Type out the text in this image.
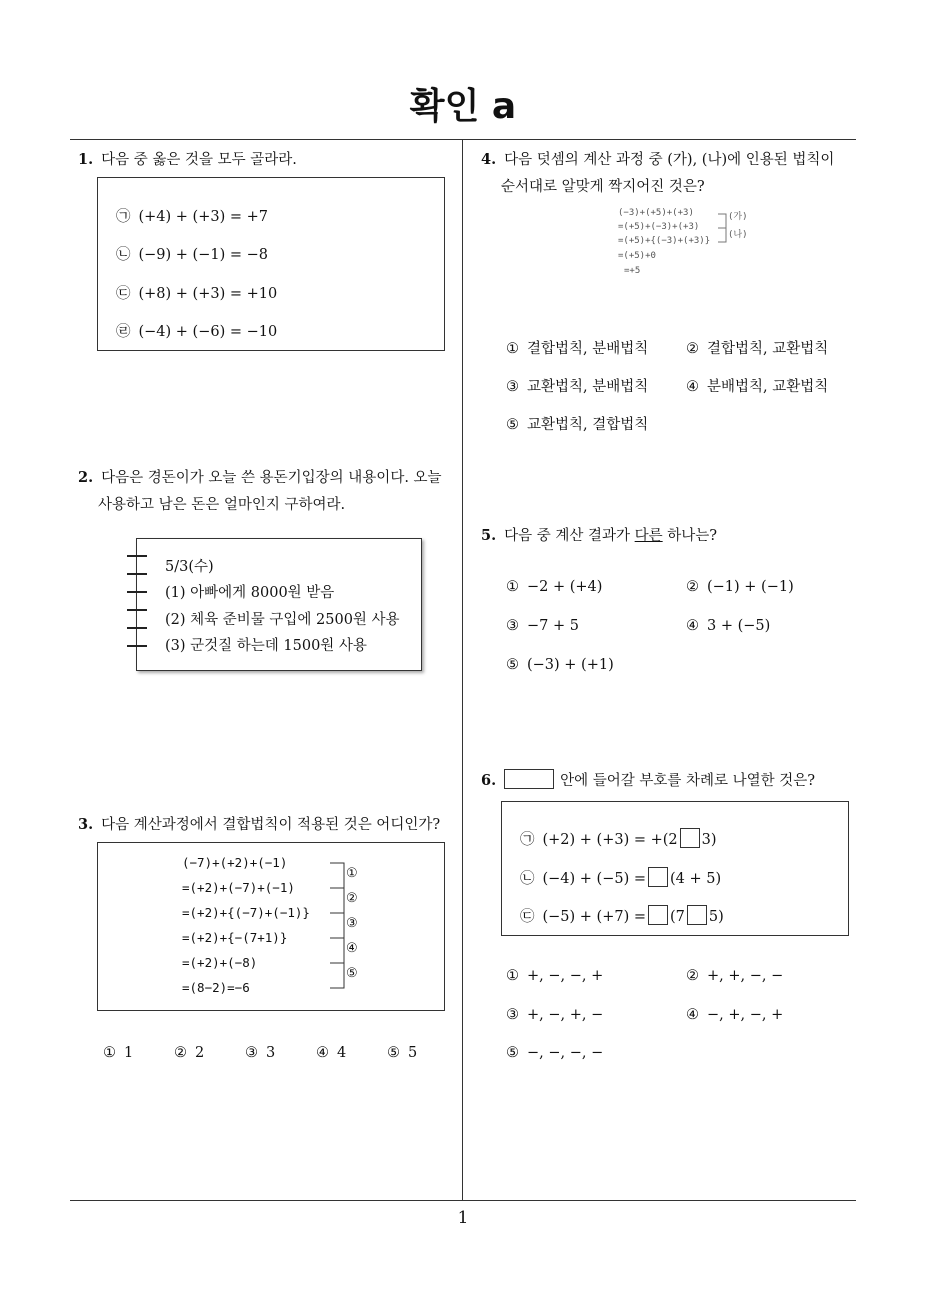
확인 a
1
1. 다음 중 옳은 것을 모두 골라라.
㉠ (+4) + (+3) = +7
㉡ (−9) + (−1) = −8
㉢ (+8) + (+3) = +10
㉣ (−4) + (−6) = −10
2. 다음은 경돈이가 오늘 쓴 용돈기입장의 내용이다. 오늘
사용하고 남은 돈은 얼마인지 구하여라.
5/3(수)
(1) 아빠에게 8000원 받음
(2) 체육 준비물 구입에 2500원 사용
(3) 군것질 하는데 1500원 사용
3. 다음 계산과정에서 결합법칙이 적용된 것은 어디인가?
(−7)+(+2)+(−1)
=(+2)+(−7)+(−1)
=(+2)+{(−7)+(−1)}
=(+2)+{−(7+1)}
=(+2)+(−8)
=(8−2)=−6
①
②
③
④
⑤
① 1	② 2	③ 3	④ 4	⑤ 5
4. 다음 덧셈의 계산 과정 중 (가), (나)에 인용된 법칙이
순서대로 알맞게 짝지어진 것은?
(−3)+(+5)+(+3)
=(+5)+(−3)+(+3)
=(+5)+{(−3)+(+3)}
=(+5)+0
=+5
(가)
(나)
① 결합법칙, 분배법칙	② 결합법칙, 교환법칙
③ 교환법칙, 분배법칙	④ 분배법칙, 교환법칙
⑤ 교환법칙, 결합법칙
5. 다음 중 계산 결과가 다른 하나는?
① −2 + (+4)	② (−1) + (−1)
③ −7 + 5	④ 3 + (−5)
⑤ (−3) + (+1)
6.	안에 들어갈 부호를 차례로 나열한 것은?
㉠ (+2) + (+3) = +(2 3)
㉡ (−4) + (−5) = (4 + 5)
㉢ (−5) + (+7) = (7 5)
① +, −, −, +	② +, +, −, −
③ +, −, +, −	④ −, +, −, +
⑤ −, −, −, −
